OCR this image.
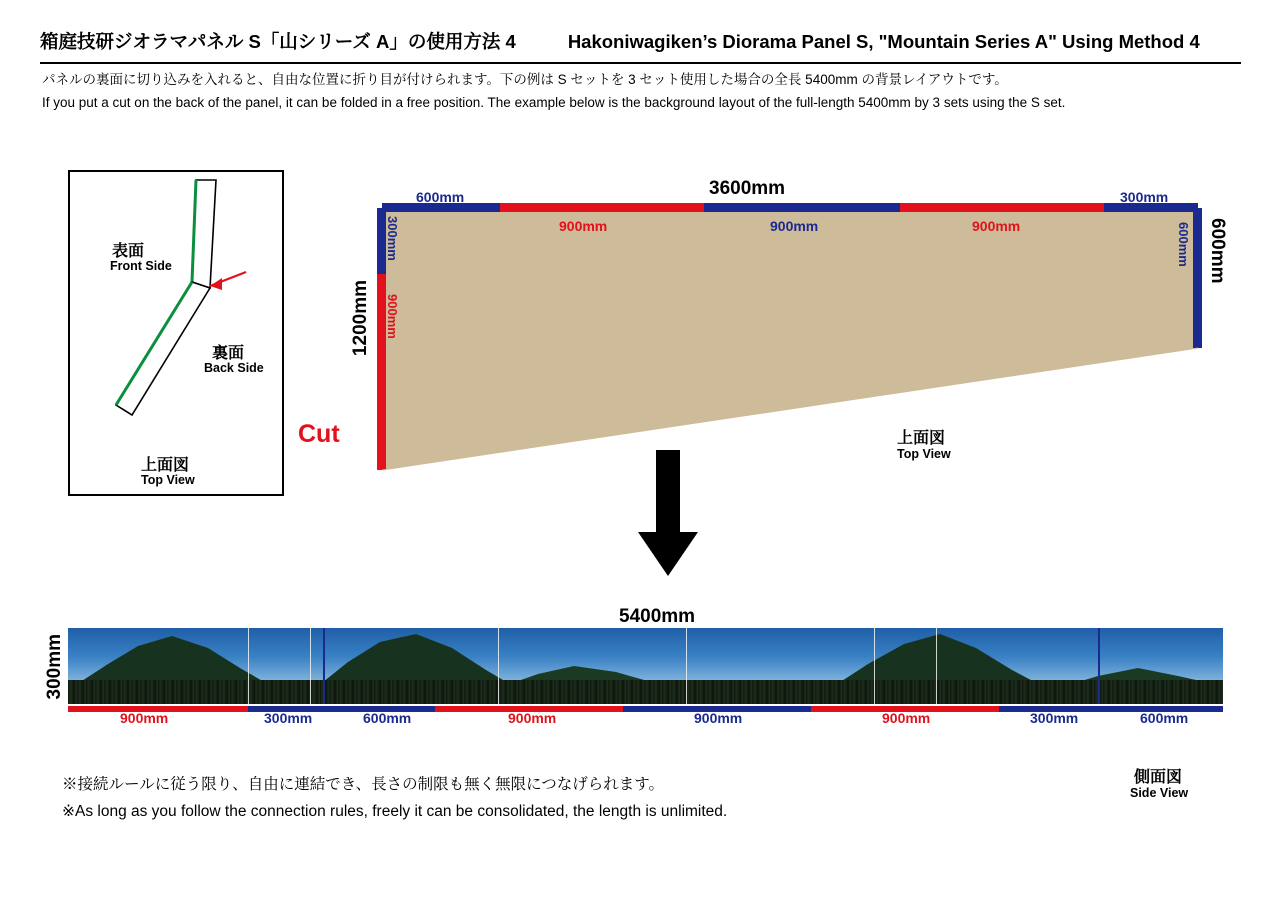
箱庭技研ジオラマパネル S「山シリーズ A」の使用方法 4	Hakoniwagiken’s Diorama Panel S, "Mountain Series A" Using Method 4
パネルの裏面に切り込みを入れると、自由な位置に折り目が付けられます。下の例は S セットを 3 セット使用した場合の全長 5400mm の背景レイアウトです。
If you put a cut on the back of the panel, it can be folded in a free position. The example below is the background layout of the full-length 5400mm by 3 sets using the S set.
Cut
表面
Front Side
裏面
Back Side
上面図
Top View
600mm
900mm	900mm	900mm
300mm
3600mm
300mm
900mm
1200mm
600mm 600mm
上面図
Top View
5400mm
300mm
900mm	300mm	600mm	900mm	900mm	900mm	300mm	600mm
※接続ルールに従う限り、自由に連結でき、長さの制限も無く無限につなげられます。
※As long as you follow the connection rules, freely it can be consolidated, the length is unlimited.
側面図
Side View
